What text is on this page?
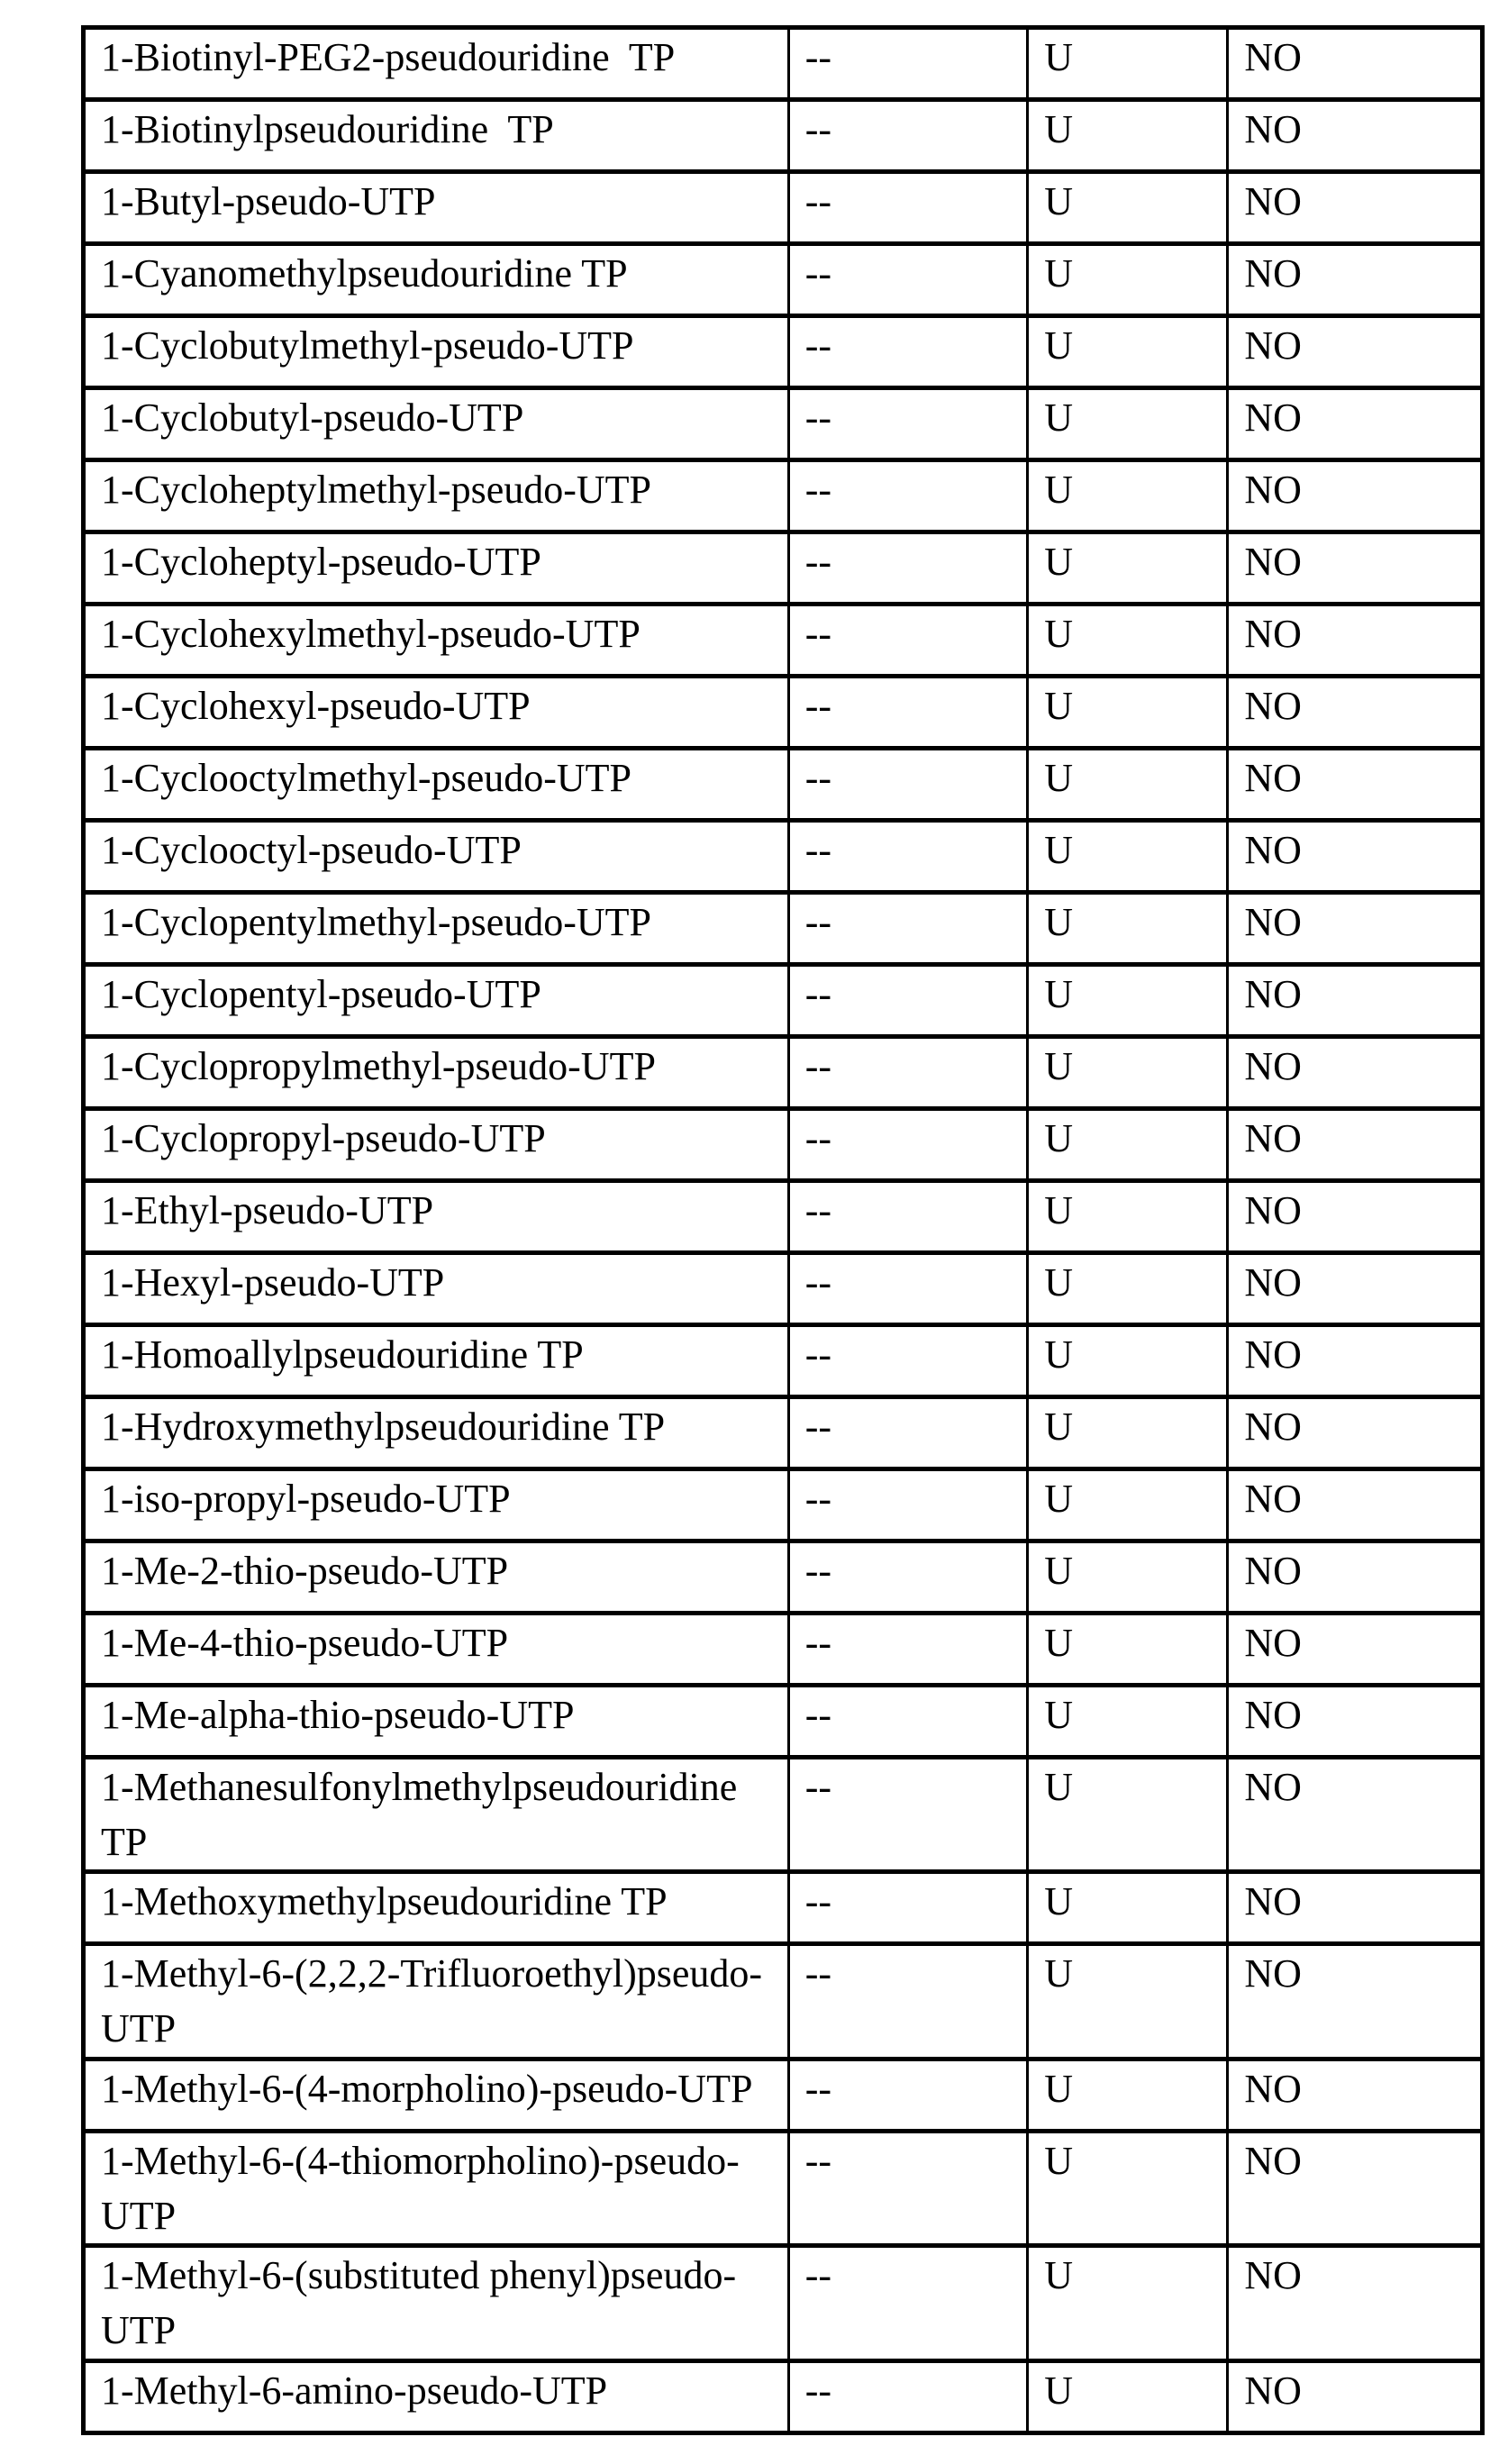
1-Biotinyl-PEG2-pseudouridine  TP	--	U	NO
1-Biotinylpseudouridine  TP	--	U	NO
1-Butyl-pseudo-UTP	--	U	NO
1-Cyanomethylpseudouridine TP	--	U	NO
1-Cyclobutylmethyl-pseudo-UTP	--	U	NO
1-Cyclobutyl-pseudo-UTP	--	U	NO
1-Cycloheptylmethyl-pseudo-UTP	--	U	NO
1-Cycloheptyl-pseudo-UTP	--	U	NO
1-Cyclohexylmethyl-pseudo-UTP	--	U	NO
1-Cyclohexyl-pseudo-UTP	--	U	NO
1-Cyclooctylmethyl-pseudo-UTP	--	U	NO
1-Cyclooctyl-pseudo-UTP	--	U	NO
1-Cyclopentylmethyl-pseudo-UTP	--	U	NO
1-Cyclopentyl-pseudo-UTP	--	U	NO
1-Cyclopropylmethyl-pseudo-UTP	--	U	NO
1-Cyclopropyl-pseudo-UTP	--	U	NO
1-Ethyl-pseudo-UTP	--	U	NO
1-Hexyl-pseudo-UTP	--	U	NO
1-Homoallylpseudouridine TP	--	U	NO
1-Hydroxymethylpseudouridine TP	--	U	NO
1-iso-propyl-pseudo-UTP	--	U	NO
1-Me-2-thio-pseudo-UTP	--	U	NO
1-Me-4-thio-pseudo-UTP	--	U	NO
1-Me-alpha-thio-pseudo-UTP	--	U	NO
1-Methanesulfonylmethylpseudouridine TP	--	U	NO
1-Methoxymethylpseudouridine TP	--	U	NO
1-Methyl-6-(2,2,2-Trifluoroethyl)pseudo-UTP	--	U	NO
1-Methyl-6-(4-morpholino)-pseudo-UTP	--	U	NO
1-Methyl-6-(4-thiomorpholino)-pseudo-UTP	--	U	NO
1-Methyl-6-(substituted phenyl)pseudo-UTP	--	U	NO
1-Methyl-6-amino-pseudo-UTP	--	U	NO
